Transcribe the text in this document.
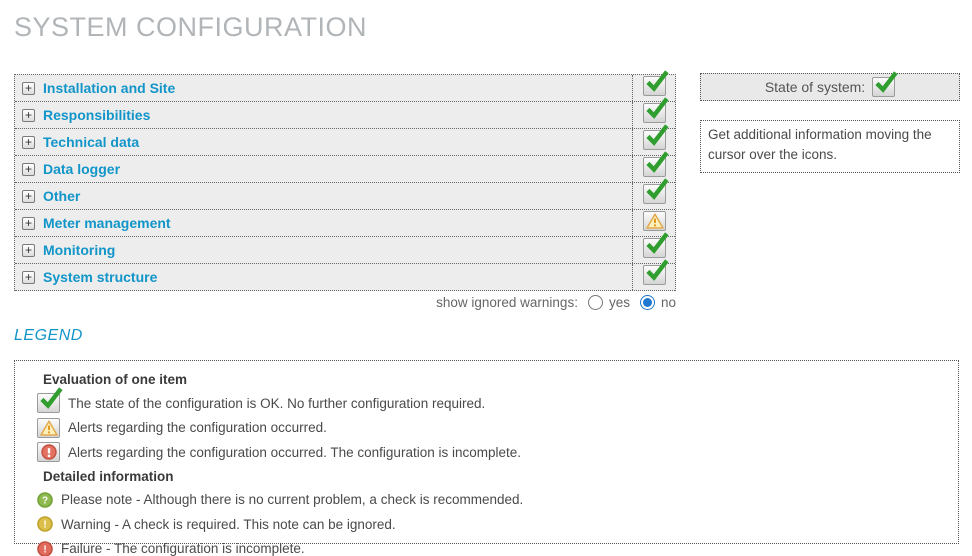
SYSTEM CONFIGURATION
+ Installation and Site
+ Responsibilities
+ Technical data
+ Data logger
+ Other
+ Meter management
+ Monitoring
+ System structure
State of system:
Get additional information moving the cursor over the icons.
show ignored warnings: yes no
LEGEND
Evaluation of one item
The state of the configuration is OK. No further configuration required.
Alerts regarding the configuration occurred.
Alerts regarding the configuration occurred. The configuration is incomplete.
Detailed information
? Please note - Although there is no current problem, a check is recommended.
! Warning - A check is required. This note can be ignored.
! Failure - The configuration is incomplete.
